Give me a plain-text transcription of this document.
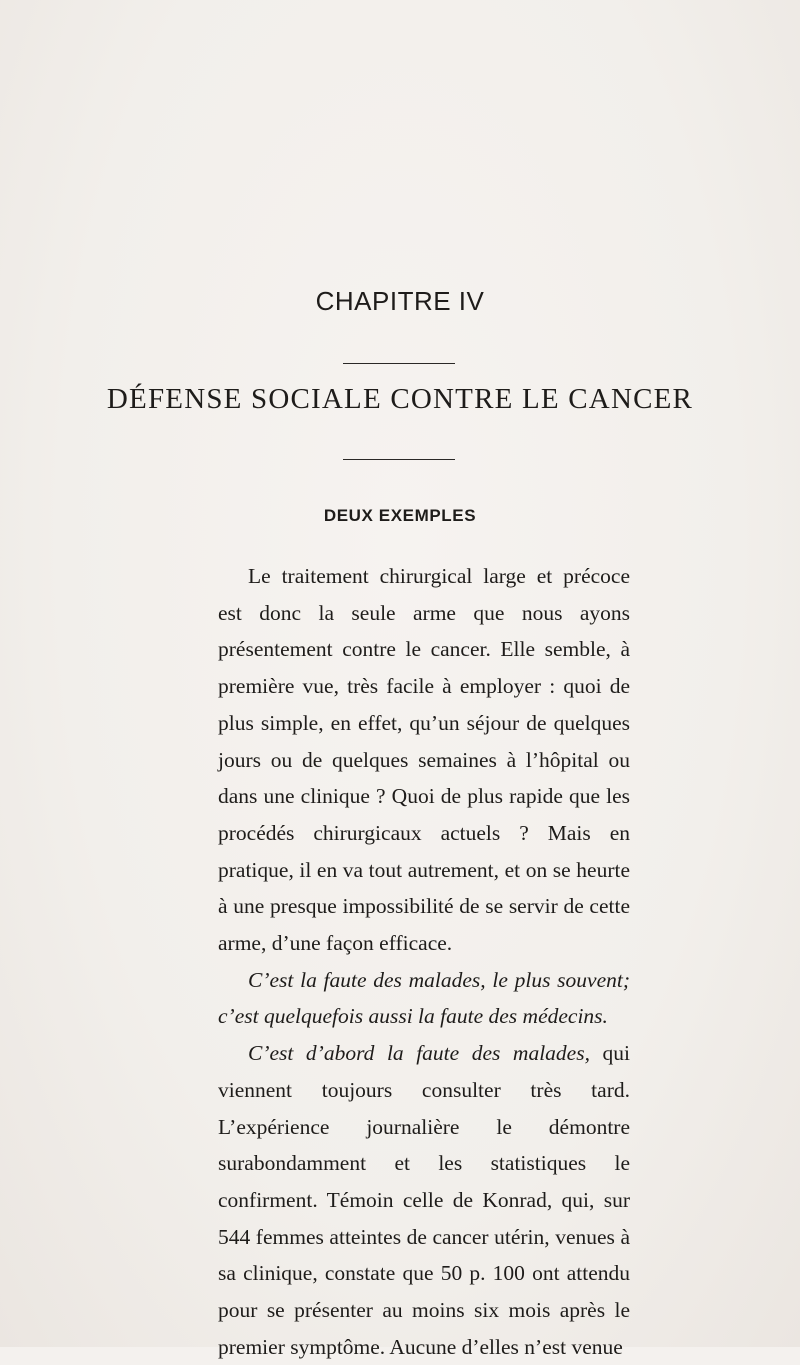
CHAPITRE IV
DÉFENSE SOCIALE CONTRE LE CANCER
DEUX EXEMPLES

Le traitement chirurgical large et précoce est donc la seule arme que nous ayons présentement contre le cancer. Elle semble, à première vue, très facile à employer : quoi de plus simple, en effet, qu’un séjour de quelques jours ou de quelques semaines à l’hôpital ou dans une clinique ? Quoi de plus rapide que les procédés chirurgicaux actuels ? Mais en pratique, il en va tout autrement, et on se heurte à une presque impossibilité de se servir de cette arme, d’une façon efficace.

C’est la faute des malades, le plus souvent; c’est quelquefois aussi la faute des médecins.

C’est d’abord la faute des malades, qui viennent toujours consulter très tard. L’expérience journalière le démontre surabondamment et les statistiques le confirment. Témoin celle de Konrad, qui, sur 544 femmes atteintes de cancer utérin, venues à sa clinique, constate que 50 p. 100 ont attendu pour se présenter au moins six mois après le premier symptôme. Aucune d’elles n’est venue
